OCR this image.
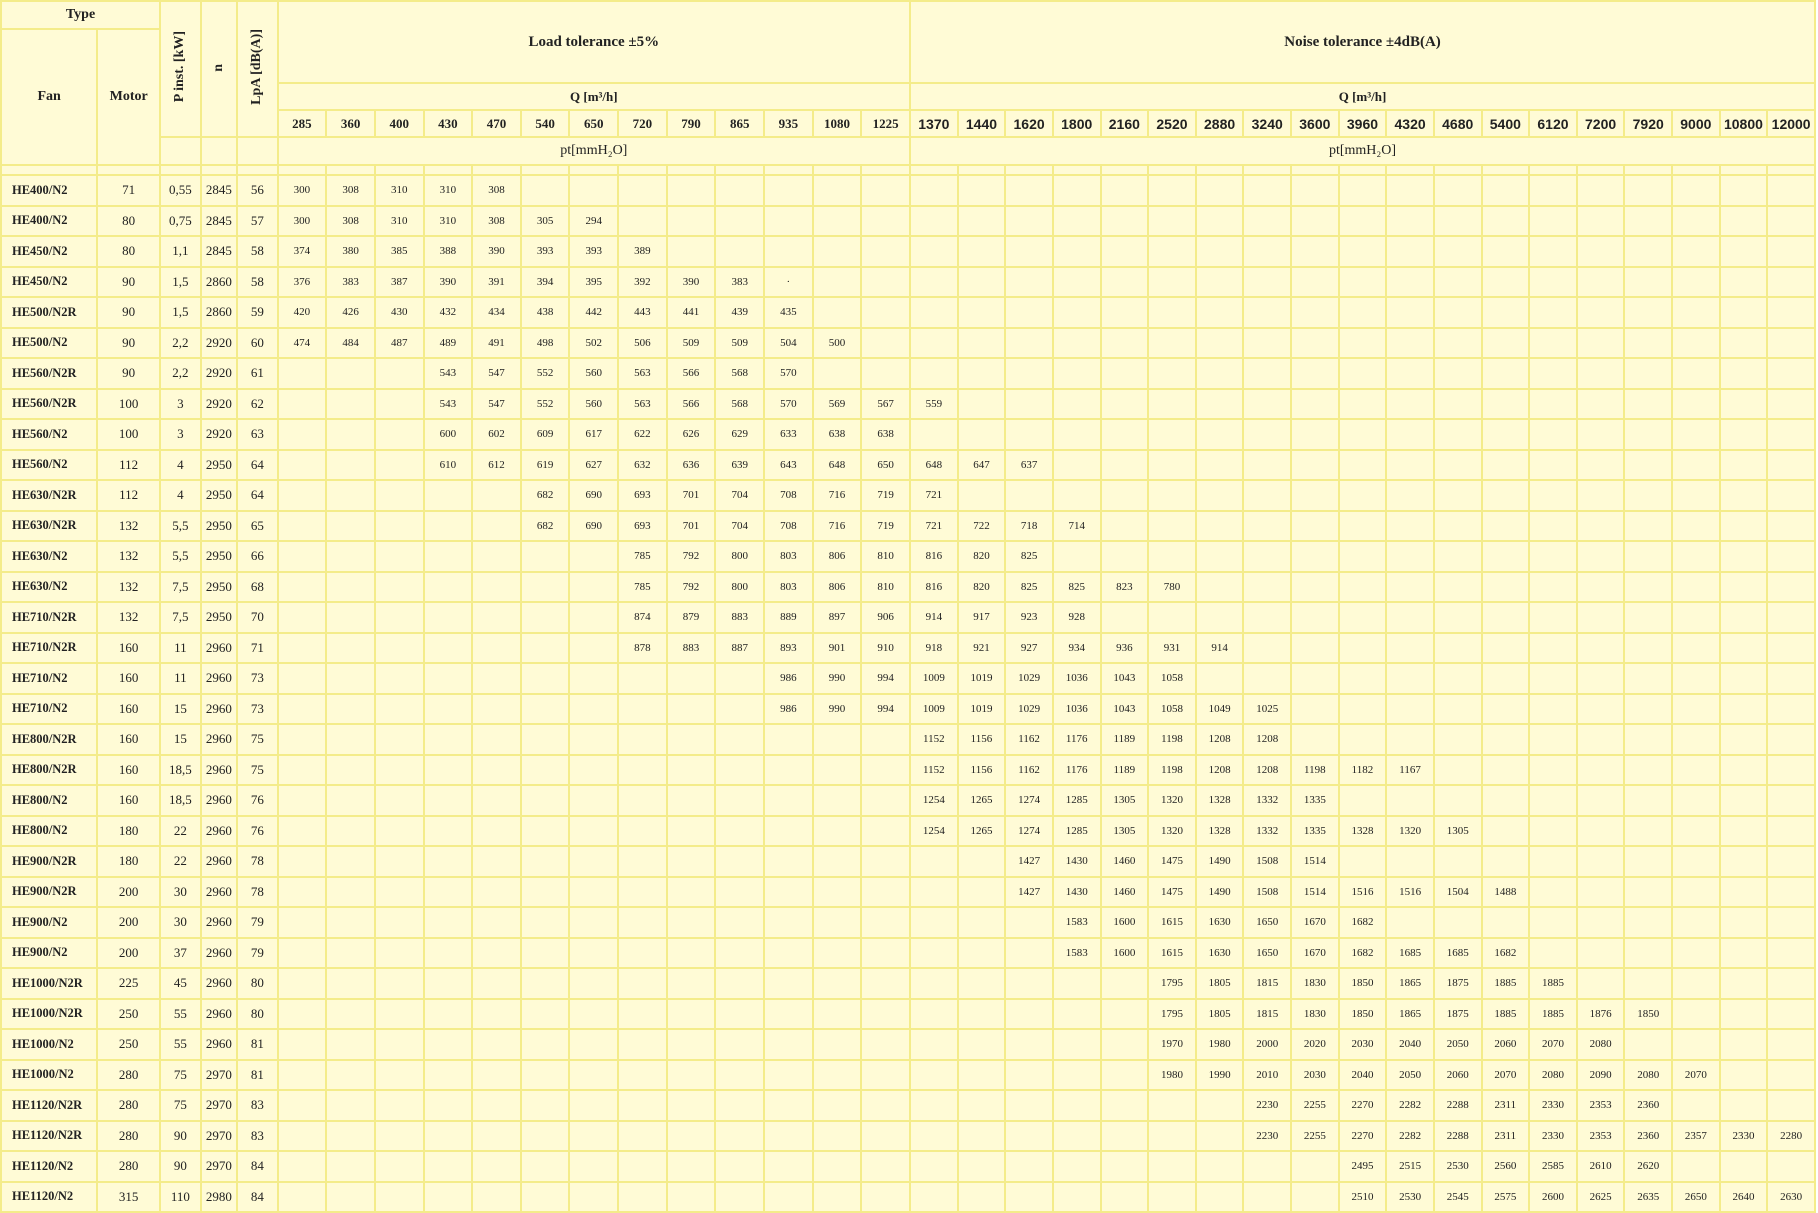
Type		P inst. [kW]	n	LpA [dB(A)]	Load tolerance ±5%													Noise tolerance ±4dB(A)																		
Fan	Motor																																			
					Q [m³/h]													Q [m³/h]																		
					285	360	400	430	470	540	650	720	790	865	935	1080	1225	1370	1440	1620	1800	2160	2520	2880	3240	3600	3960	4320	4680	5400	6120	7200	7920	9000	10800	12000
					pt[mmH₂O]													pt[mmH₂O]																		

HE400/N2	71	0,55	2845	56	300	308	310	310	308																											
HE400/N2	80	0,75	2845	57	300	308	310	310	308	305	294																									
HE450/N2	80	1,1	2845	58	374	380	385	388	390	393	393	389																								
HE450/N2	90	1,5	2860	58	376	383	387	390	391	394	395	392	390	383	·																					
HE500/N2R	90	1,5	2860	59	420	426	430	432	434	438	442	443	441	439	435																					
HE500/N2	90	2,2	2920	60	474	484	487	489	491	498	502	506	509	509	504	500																				
HE560/N2R	90	2,2	2920	61				543	547	552	560	563	566	568	570																					
HE560/N2R	100	3	2920	62				543	547	552	560	563	566	568	570	569	567	559																		
HE560/N2	100	3	2920	63				600	602	609	617	622	626	629	633	638	638																			
HE560/N2	112	4	2950	64				610	612	619	627	632	636	639	643	648	650	648	647	637																
HE630/N2R	112	4	2950	64						682	690	693	701	704	708	716	719	721																		
HE630/N2R	132	5,5	2950	65						682	690	693	701	704	708	716	719	721	722	718	714															
HE630/N2	132	5,5	2950	66								785	792	800	803	806	810	816	820	825																
HE630/N2	132	7,5	2950	68								785	792	800	803	806	810	816	820	825	825	823	780													
HE710/N2R	132	7,5	2950	70								874	879	883	889	897	906	914	917	923	928															
HE710/N2R	160	11	2960	71								878	883	887	893	901	910	918	921	927	934	936	931	914												
HE710/N2	160	11	2960	73											986	990	994	1009	1019	1029	1036	1043	1058													
HE710/N2	160	15	2960	73											986	990	994	1009	1019	1029	1036	1043	1058	1049	1025											
HE800/N2R	160	15	2960	75														1152	1156	1162	1176	1189	1198	1208	1208											
HE800/N2R	160	18,5	2960	75														1152	1156	1162	1176	1189	1198	1208	1208	1198	1182	1167								
HE800/N2	160	18,5	2960	76														1254	1265	1274	1285	1305	1320	1328	1332	1335										
HE800/N2	180	22	2960	76														1254	1265	1274	1285	1305	1320	1328	1332	1335	1328	1320	1305							
HE900/N2R	180	22	2960	78																1427	1430	1460	1475	1490	1508	1514										
HE900/N2R	200	30	2960	78																1427	1430	1460	1475	1490	1508	1514	1516	1516	1504	1488						
HE900/N2	200	30	2960	79																	1583	1600	1615	1630	1650	1670	1682									
HE900/N2	200	37	2960	79																	1583	1600	1615	1630	1650	1670	1682	1685	1685	1682						
HE1000/N2R	225	45	2960	80																			1795	1805	1815	1830	1850	1865	1875	1885	1885					
HE1000/N2R	250	55	2960	80																			1795	1805	1815	1830	1850	1865	1875	1885	1885	1876	1850			
HE1000/N2	250	55	2960	81																			1970	1980	2000	2020	2030	2040	2050	2060	2070	2080				
HE1000/N2	280	75	2970	81																			1980	1990	2010	2030	2040	2050	2060	2070	2080	2090	2080	2070		
HE1120/N2R	280	75	2970	83																					2230	2255	2270	2282	2288	2311	2330	2353	2360			
HE1120/N2R	280	90	2970	83																					2230	2255	2270	2282	2288	2311	2330	2353	2360	2357	2330	2280
HE1120/N2	280	90	2970	84																							2495	2515	2530	2560	2585	2610	2620			
HE1120/N2	315	110	2980	84																							2510	2530	2545	2575	2600	2625	2635	2650	2640	2630
